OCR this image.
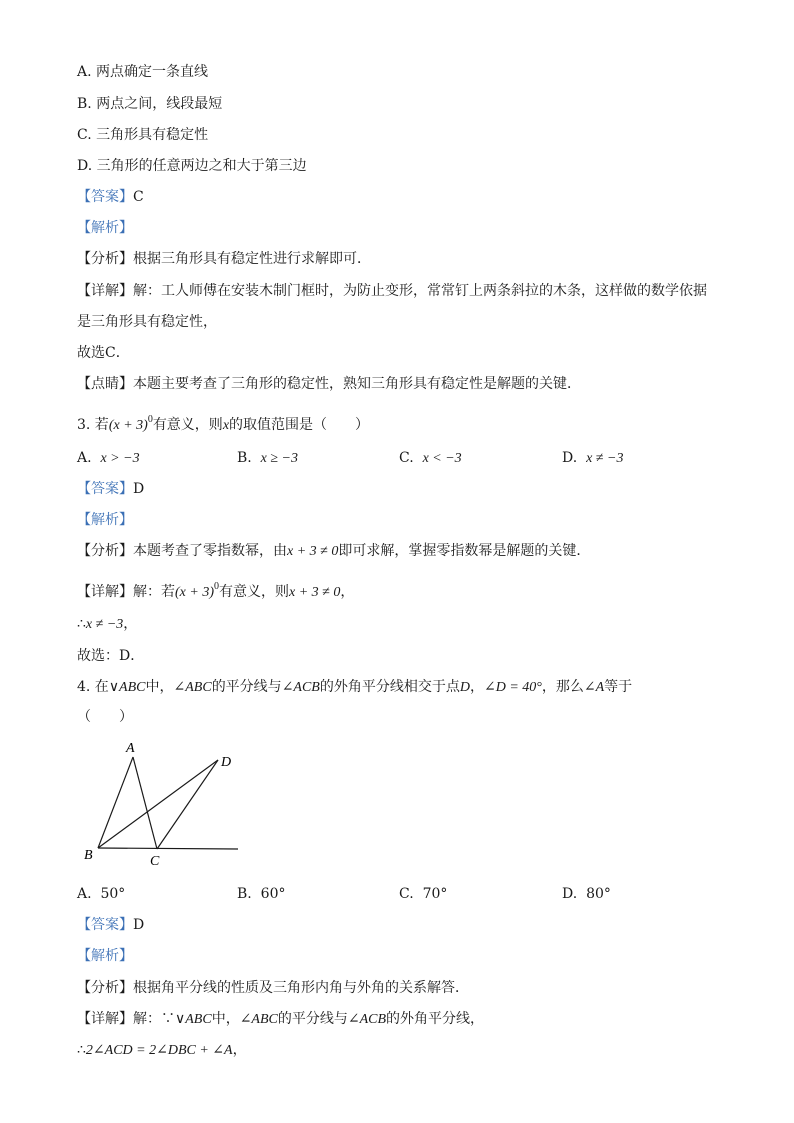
A. 两点确定一条直线
B. 两点之间，线段最短
C. 三角形具有稳定性
D. 三角形的任意两边之和大于第三边
【答案】C
【解析】
【分析】根据三角形具有稳定性进行求解即可．
【详解】解：工人师傅在安装木制门框时，为防止变形，常常钉上两条斜拉的木条，这样做的数学依据
是三角形具有稳定性，
故选C．
【点睛】本题主要考查了三角形的稳定性，熟知三角形具有稳定性是解题的关键．
3. 若$(x + 3)^0$有意义，则x的取值范围是（　　）
A. x > −3	B. x ≥ −3	C. x < −3	D. x ≠ −3
【答案】D
【解析】
【分析】本题考查了零指数幂，由x + 3 ≠ 0即可求解，掌握零指数幂是解题的关键．
【详解】解：若$(x + 3)^0$有意义，则x + 3 ≠ 0，
∴x ≠ −3，
故选：D．
4. 在∨ABC中，∠ABC的平分线与∠ACB的外角平分线相交于点D，∠D = 40°，那么∠A等于
（　　）
A
D
B	C
A. 50°	B. 60°	C. 70°	D. 80°
【答案】D
【解析】
【分析】根据角平分线的性质及三角形内角与外角的关系解答．
【详解】解：∵∨ABC中，∠ABC的平分线与∠ACB的外角平分线，
∴2∠ACD = 2∠DBC + ∠A，
